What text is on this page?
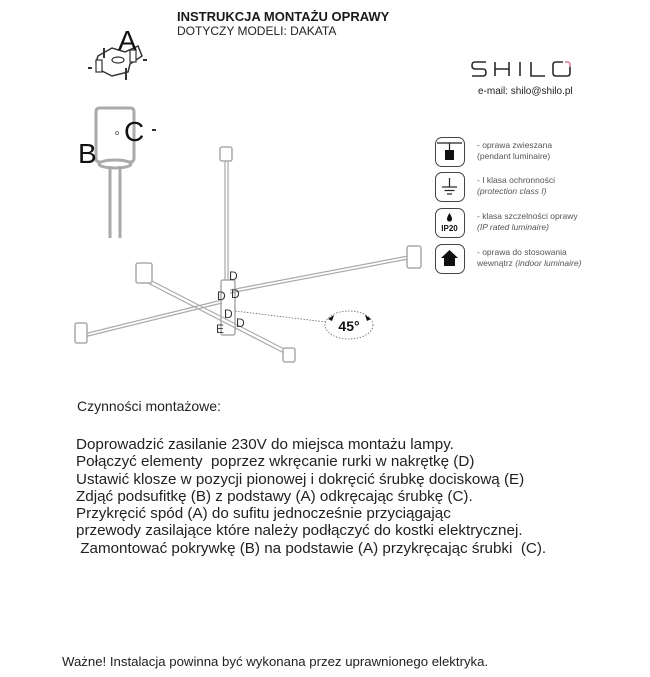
INSTRUKCJA MONTAŻU OPRAWY
DOTYCZY MODELI: DAKATA
e-mail: shilo@shilo.pl
- oprawa zwieszana
(pendant luminaire)
- I klasa ochronności
(protection class I)
IP20
- klasa szczelności oprawy
(IP rated luminaire)
- oprawa do stosowania
wewnątrz (indoor luminaire)
A
B
C
D
D D
D
D
E	45°
Czynności montażowe:
Doprowadzić zasilanie 230V do miejsca montażu lampy.
Połączyć elementy  poprzez wkręcanie rurki w nakrętkę (D)
Ustawić klosze w pozycji pionowej i dokręcić śrubkę dociskową (E)
Zdjąć podsufitkę (B) z podstawy (A) odkręcając śrubkę (C).
Przykręcić spód (A) do sufitu jednocześnie przyciągając
przewody zasilające które należy podłączyć do kostki elektrycznej.
Zamontować pokrywkę (B) na podstawie (A) przykręcając śrubki  (C).
Ważne! Instalacja powinna być wykonana przez uprawnionego elektryka.
